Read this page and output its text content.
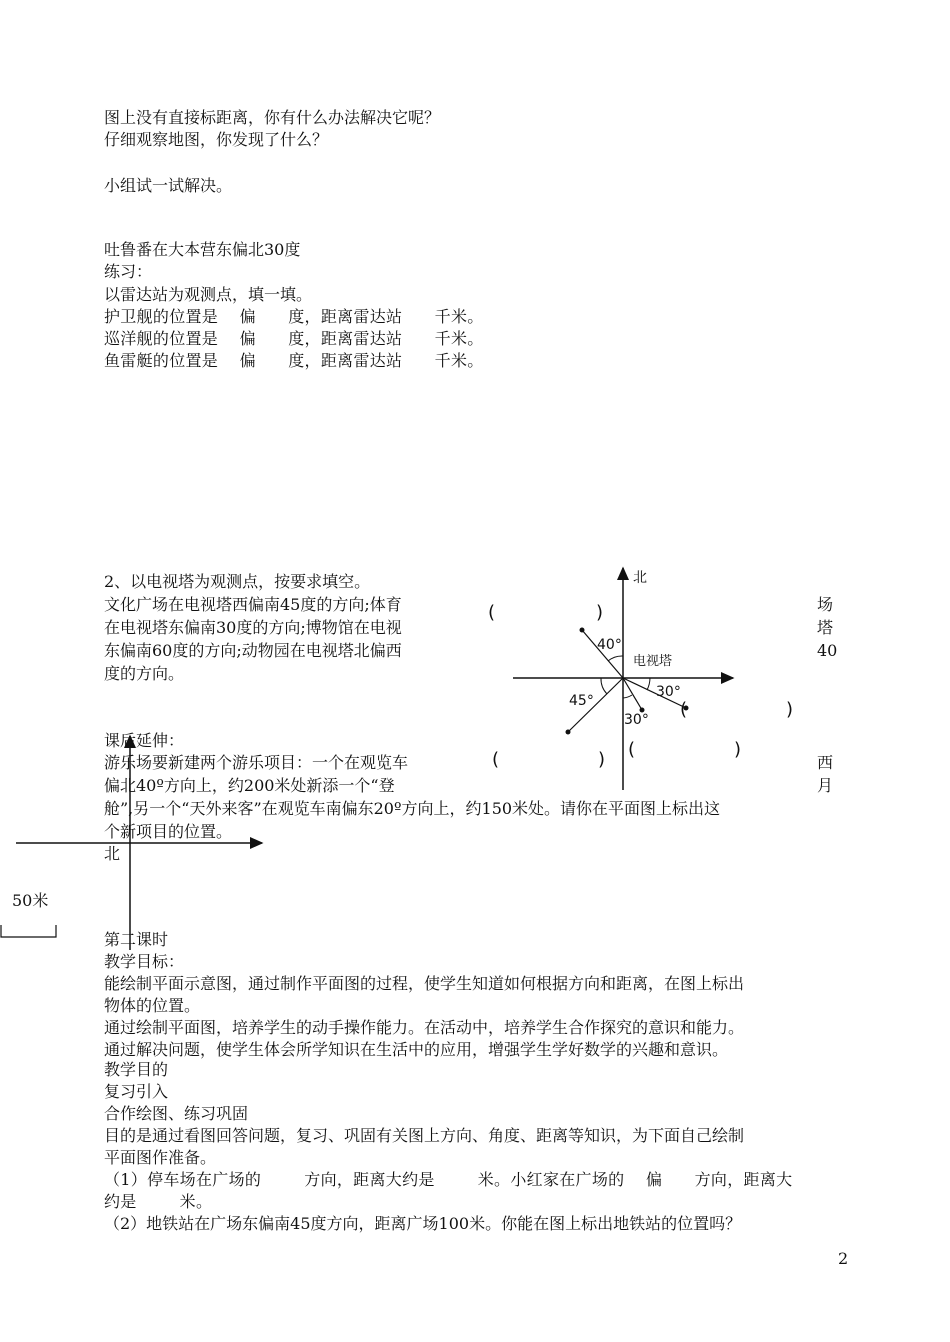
图上没有直接标距离，你有什么办法解决它呢？
仔细观察地图，你发现了什么？
小组试一试解决。
吐鲁番在大本营东偏北30度
练习：
以雷达站为观测点，填一填。
护卫舰的位置是    偏      度，距离雷达站      千米。
巡洋舰的位置是    偏      度，距离雷达站      千米。
鱼雷艇的位置是    偏      度，距离雷达站      千米。
2、以电视塔为观测点，按要求填空。
文化广场在电视塔西偏南45度的方向;体育
在电视塔东偏南30度的方向;博物馆在电视
东偏南60度的方向;动物园在电视塔北偏西
度的方向。
场
塔
40
北
电视塔
40°
30°
45°
30°
(	)
(	)
(	) (	)
课后延伸：
游乐场要新建两个游乐项目：一个在观览车
偏北40º方向上，约200米处新添一个“登
舱”,另一个“天外来客”在观览车南偏东20º方向上，约150米处。请你在平面图上标出这
个新项目的位置。
西
月
北
50米
第二课时
教学目标：
能绘制平面示意图，通过制作平面图的过程，使学生知道如何根据方向和距离，在图上标出
物体的位置。
通过绘制平面图，培养学生的动手操作能力。在活动中，培养学生合作探究的意识和能力。
通过解决问题，使学生体会所学知识在生活中的应用，增强学生学好数学的兴趣和意识。
教学目的
复习引入
合作绘图、练习巩固
目的是通过看图回答问题，复习、巩固有关图上方向、角度、距离等知识，为下面自己绘制
平面图作准备。
（1）停车场在广场的        方向，距离大约是        米。小红家在广场的    偏      方向，距离大
约是        米。
（2）地铁站在广场东偏南45度方向，距离广场100米。你能在图上标出地铁站的位置吗？
2
